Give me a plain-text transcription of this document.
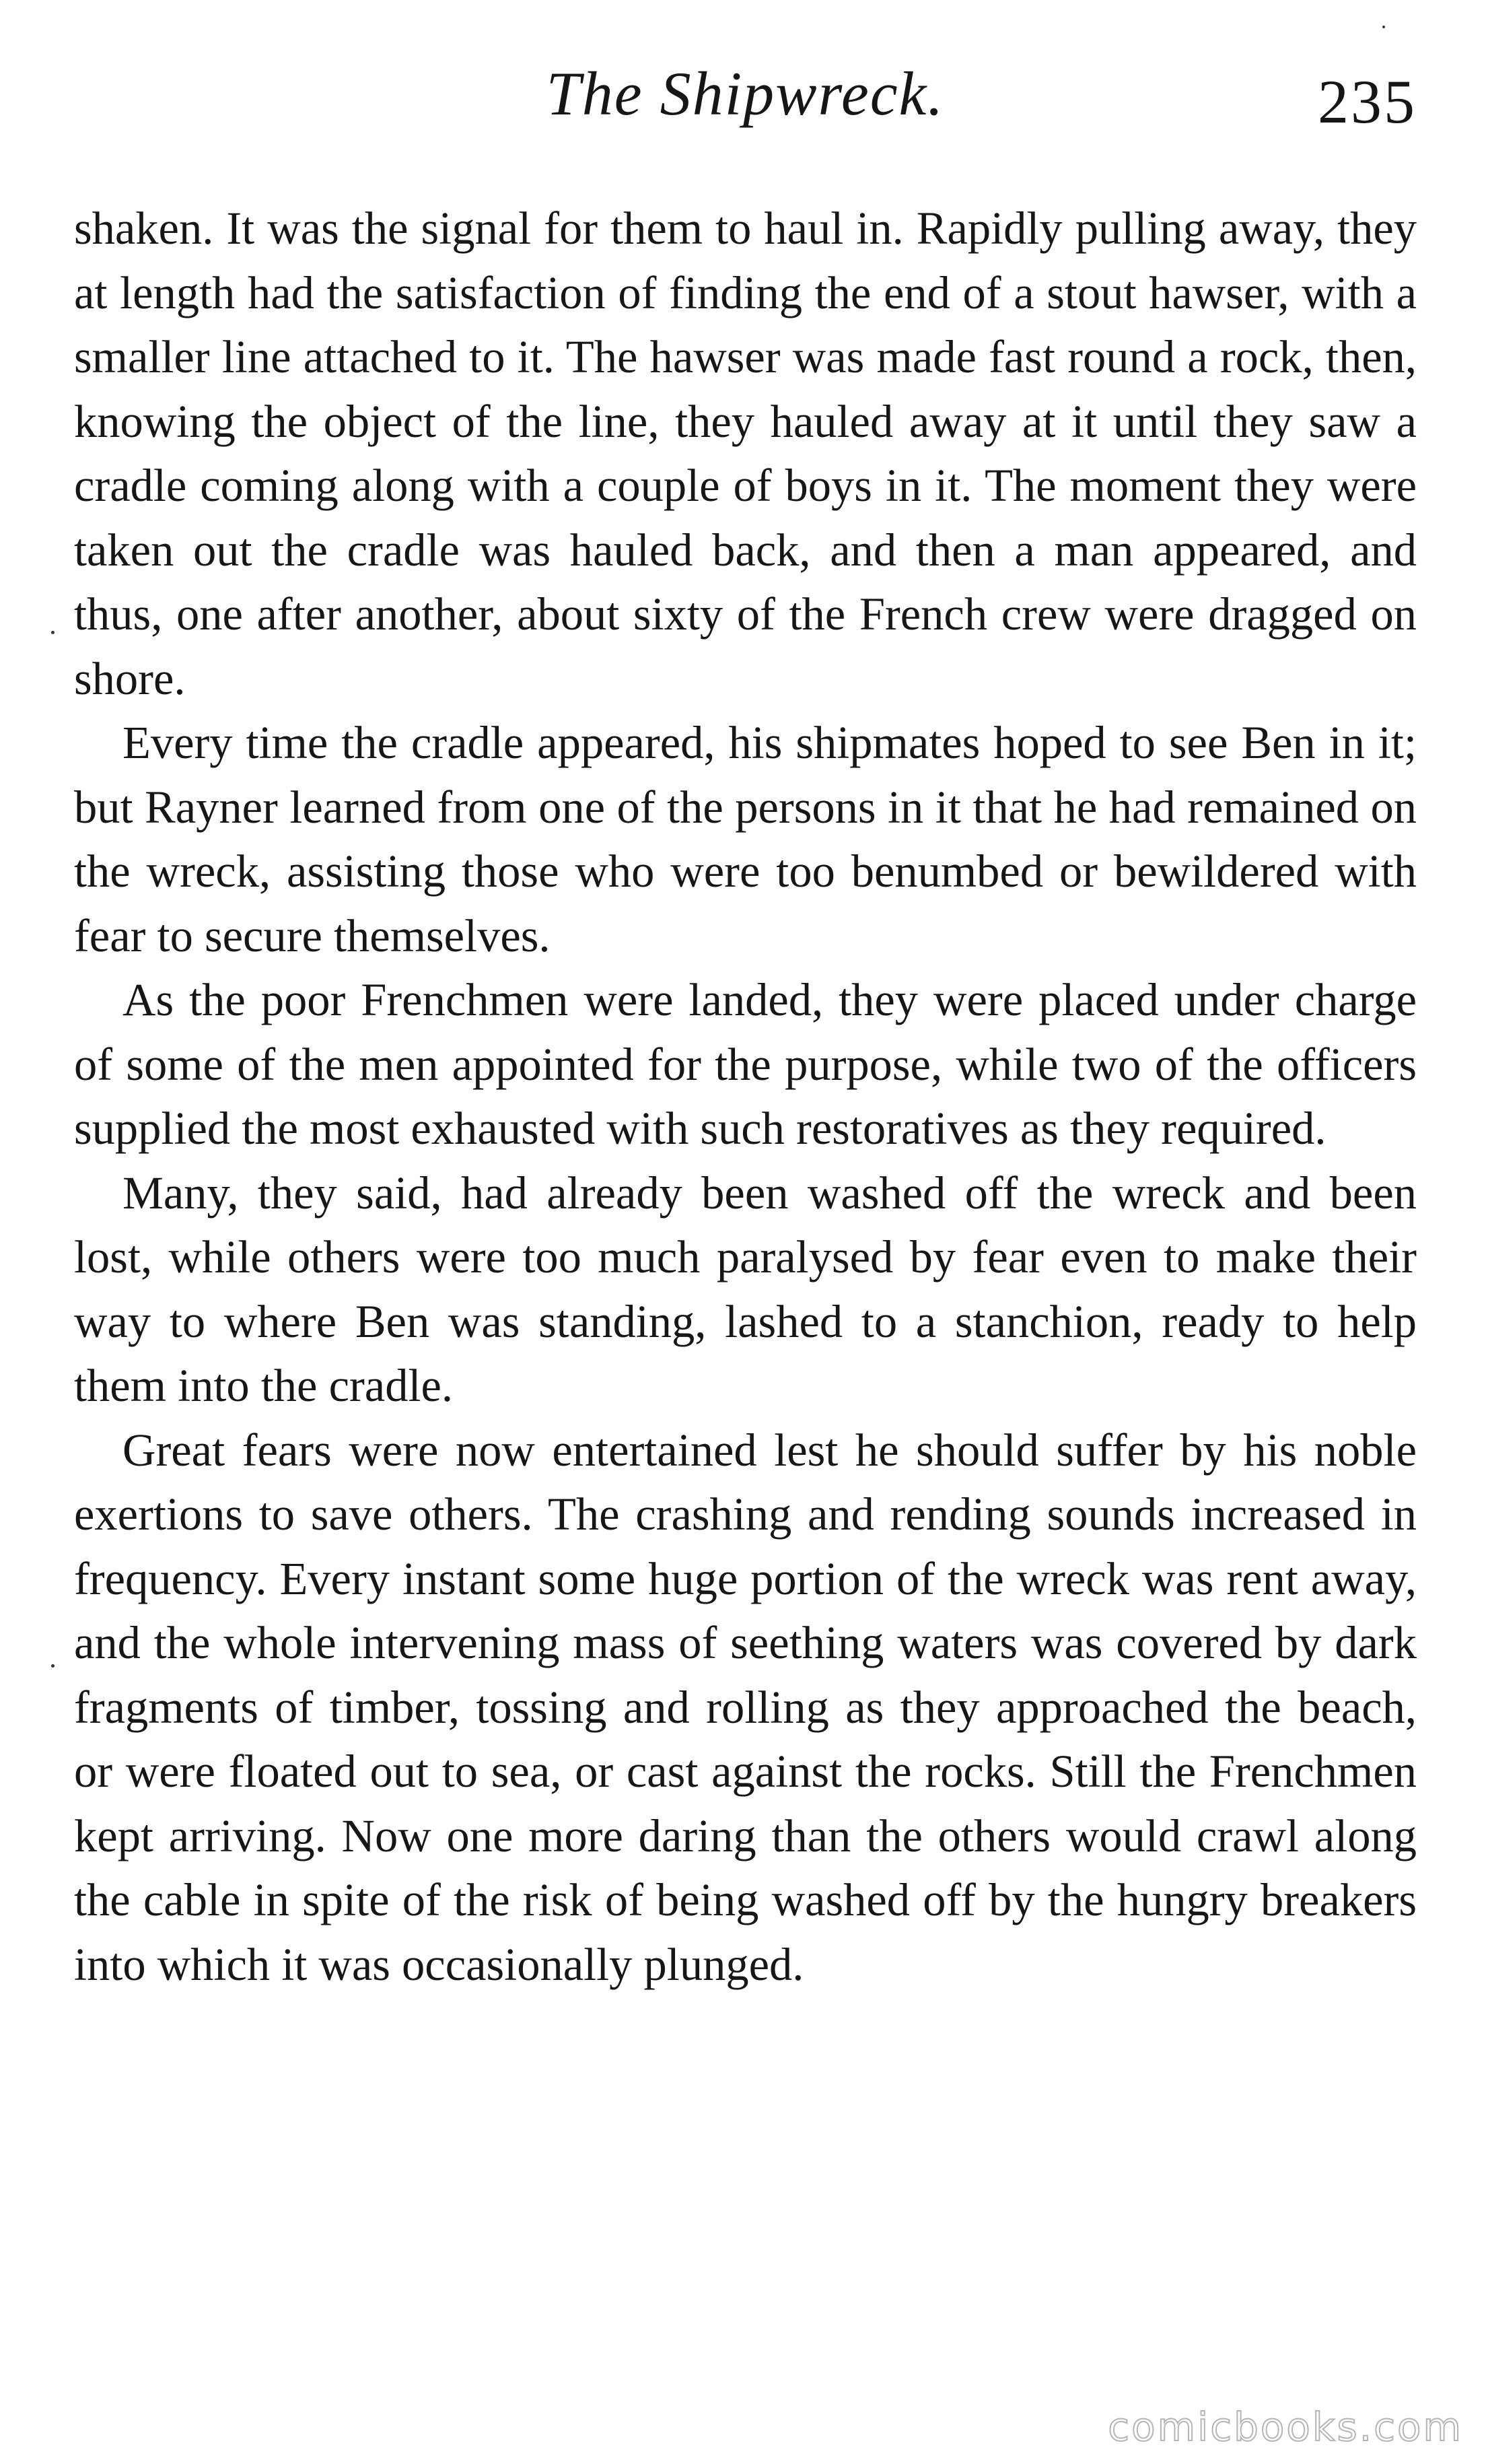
The Shipwreck.	235

shaken. It was the signal for them to haul in. Rapidly pulling away, they at length had the satisfaction of finding the end of a stout hawser, with a smaller line attached to it. The hawser was made fast round a rock, then, knowing the object of the line, they hauled away at it until they saw a cradle coming along with a couple of boys in it. The moment they were taken out the cradle was hauled back, and then a man appeared, and thus, one after another, about sixty of the French crew were dragged on shore.

Every time the cradle appeared, his shipmates hoped to see Ben in it; but Rayner learned from one of the persons in it that he had remained on the wreck, assisting those who were too benumbed or bewildered with fear to secure themselves.

As the poor Frenchmen were landed, they were placed under charge of some of the men appointed for the purpose, while two of the officers supplied the most exhausted with such restoratives as they required.

Many, they said, had already been washed off the wreck and been lost, while others were too much paralysed by fear even to make their way to where Ben was standing, lashed to a stanchion, ready to help them into the cradle.

Great fears were now entertained lest he should suffer by his noble exertions to save others. The crashing and rending sounds increased in frequency. Every instant some huge portion of the wreck was rent away, and the whole intervening mass of seething waters was covered by dark fragments of timber, tossing and rolling as they approached the beach, or were floated out to sea, or cast against the rocks. Still the Frenchmen kept arriving. Now one more daring than the others would crawl along the cable in spite of the risk of being washed off by the hungry breakers into which it was occasionally plunged.

comicbooks.com
